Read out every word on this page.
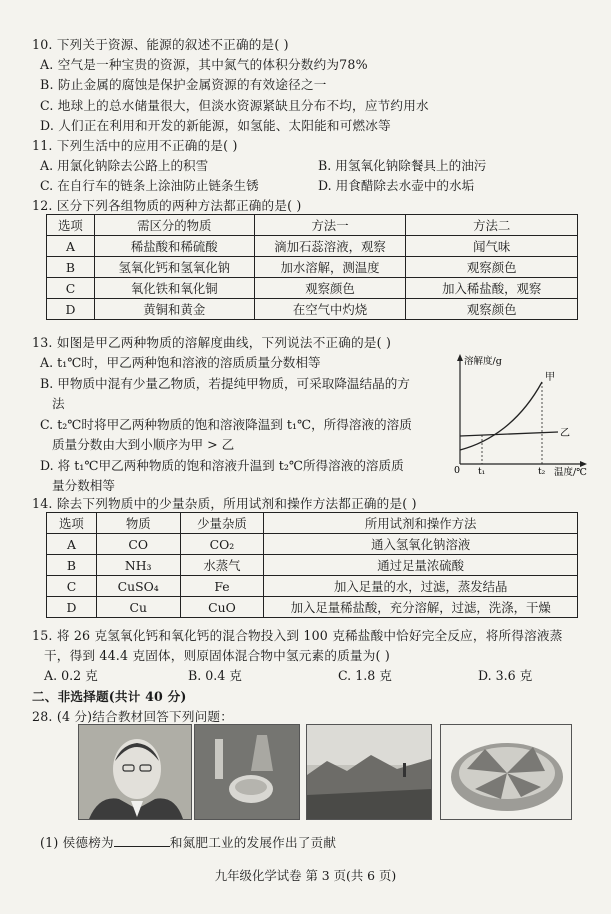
10. 下列关于资源、能源的叙述不正确的是( )
A. 空气是一种宝贵的资源，其中氮气的体积分数约为78%
B. 防止金属的腐蚀是保护金属资源的有效途径之一
C. 地球上的总水储量很大，但淡水资源紧缺且分布不均，应节约用水
D. 人们正在利用和开发的新能源，如氢能、太阳能和可燃冰等
11. 下列生活中的应用不正确的是( )
A. 用氯化钠除去公路上的积雪	B. 用氢氧化钠除餐具上的油污
C. 在自行车的链条上涂油防止链条生锈	D. 用食醋除去水壶中的水垢
12. 区分下列各组物质的两种方法都正确的是( )
选项	需区分的物质	方法一	方法二
A	稀盐酸和稀硫酸	滴加石蕊溶液，观察	闻气味
B	氢氧化钙和氢氧化钠	加水溶解，测温度	观察颜色
C	氧化铁和氧化铜	观察颜色	加入稀盐酸，观察
D	黄铜和黄金	在空气中灼烧	观察颜色
13. 如图是甲乙两种物质的溶解度曲线，下列说法不正确的是( )
A. t₁℃时，甲乙两种饱和溶液的溶质质量分数相等
B. 甲物质中混有少量乙物质，若提纯甲物质，可采取降温结晶的方
法
C. t₂℃时将甲乙两种物质的饱和溶液降温到 t₁℃，所得溶液的溶质
质量分数由大到小顺序为甲 > 乙
D. 将 t₁℃甲乙两种物质的饱和溶液升温到 t₂℃所得溶液的溶质质
量分数相等
溶解度/g
温度/℃
0 t₁	t₂
甲
乙
14. 除去下列物质中的少量杂质，所用试剂和操作方法都正确的是( )
选项	物质	少量杂质	所用试剂和操作方法
A	CO	CO₂	通入氢氧化钠溶液
B	NH₃	水蒸气	通过足量浓硫酸
C	CuSO₄	Fe	加入足量的水，过滤，蒸发结晶
D	Cu	CuO	加入足量稀盐酸，充分溶解，过滤，洗涤，干燥
15. 将 26 克氢氧化钙和氧化钙的混合物投入到 100 克稀盐酸中恰好完全反应，将所得溶液蒸
干，得到 44.4 克固体，则原固体混合物中氢元素的质量为( )
A. 0.2 克	B. 0.4 克	C. 1.8 克	D. 3.6 克
二、非选择题(共计 40 分)
28. (4 分)结合教材回答下列问题：
(1) 侯德榜为	和氮肥工业的发展作出了贡献
九年级化学试卷 第 3 页(共 6 页)
